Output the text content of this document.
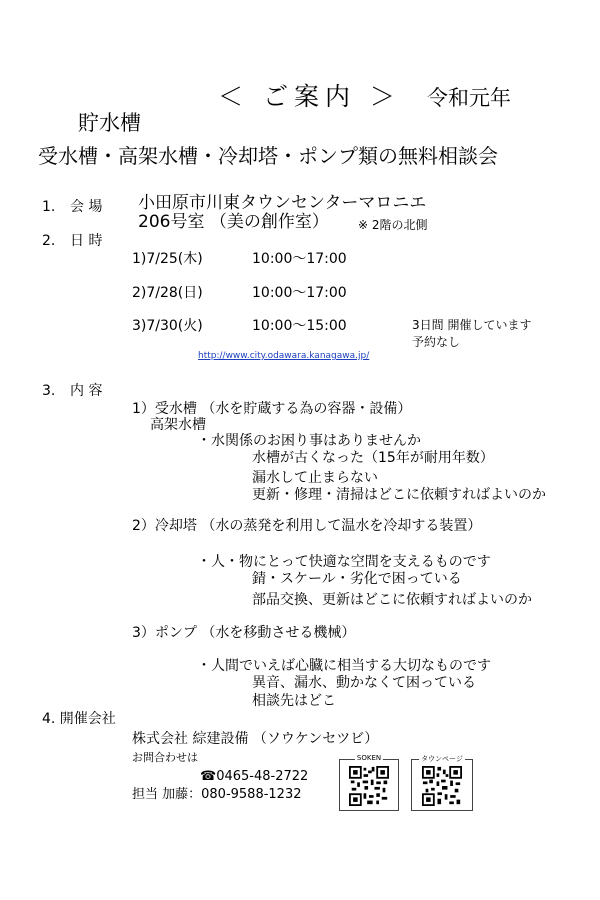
＜ ご案内 ＞ 令和元年
貯水槽
受水槽・高架水槽・冷却塔・ポンプ類の無料相談会
1. 会 場 小田原市川東タウンセンターマロニエ
206号室 （美の創作室） ※ 2階の北側
2. 日 時
1)7/25(木)	10:00～17:00
2)7/28(日)	10:00～17:00
3)7/30(火)	10:00～15:00	3日間 開催しています
予約なし
http://www.city.odawara.kanagawa.jp/
3. 内 容
1）受水槽 （水を貯蔵する為の容器・設備）
高架水槽
・水関係のお困り事はありませんか
水槽が古くなった（15年が耐用年数）
漏水して止まらない
更新・修理・清掃はどこに依頼すればよいのか
2）冷却塔 （水の蒸発を利用して温水を冷却する装置）
・人・物にとって快適な空間を支えるものです
錆・スケール・劣化で困っている
部品交換、更新はどこに依頼すればよいのか
3）ポンプ （水を移動させる機械）
・人間でいえば心臓に相当する大切なものです
異音、漏水、動かなくて困っている
相談先はどこ
4. 開催会社
株式会社 綜建設備 （ソウケンセツビ）
お問合わせは
☎0465-48-2722
担当 加藤：080-9588-1232
SOKEN	タウンページ
